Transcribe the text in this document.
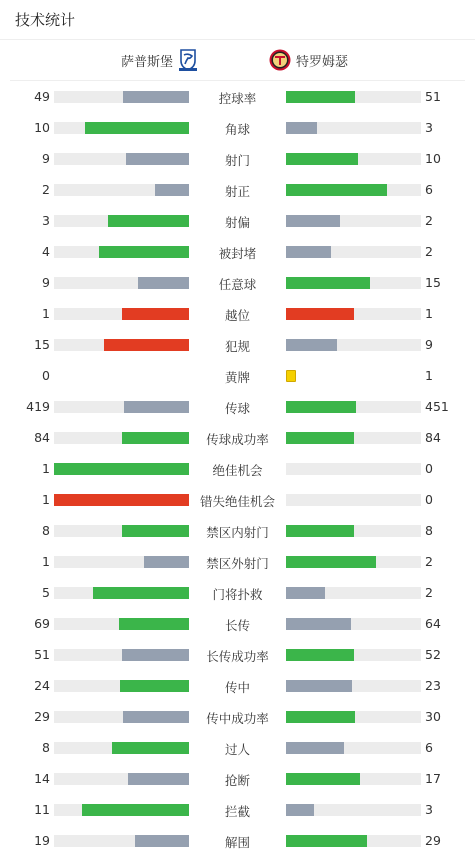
技术统计
萨普斯堡	特罗姆瑟
49	控球率	51
10	角球	3
9	射门	10
2	射正	6
3	射偏	2
4	被封堵	2
9	任意球	15
1	越位	1
15	犯规	9
0	黄牌	1
419	传球	451
84	传球成功率	84
1	绝佳机会	0
1	错失绝佳机会	0
8	禁区内射门	8
1	禁区外射门	2
5	门将扑救	2
69	长传	64
51	长传成功率	52
24	传中	23
29	传中成功率	30
8	过人	6
14	抢断	17
11	拦截	3
19	解围	29
